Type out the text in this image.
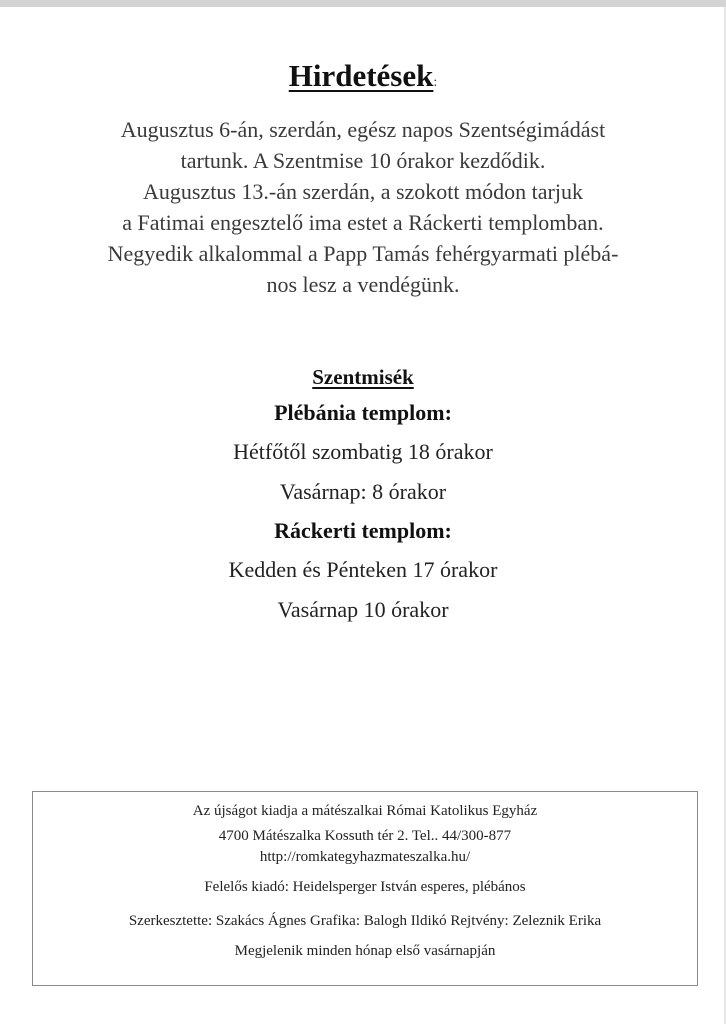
Hirdetések:
Augusztus 6-án, szerdán, egész napos Szentségimádást
tartunk. A Szentmise 10 órakor kezdődik.
Augusztus 13.-án szerdán, a szokott módon tarjuk
a Fatimai engesztelő ima estet a Ráckerti templomban.
Negyedik alkalommal a Papp Tamás fehérgyarmati plébá-
nos lesz a vendégünk.
Szentmisék
Plébánia templom:
Hétfőtől szombatig 18 órakor
Vasárnap: 8 órakor
Ráckerti templom:
Kedden és Pénteken 17 órakor
Vasárnap 10 órakor
Az újságot kiadja a mátészalkai Római Katolikus Egyház
4700 Mátészalka Kossuth tér 2. Tel.. 44/300-877
http://romkategyhazmateszalka.hu/
Felelős kiadó: Heidelsperger István esperes, plébános
Szerkesztette: Szakács Ágnes Grafika: Balogh Ildikó Rejtvény: Zeleznik Erika
Megjelenik minden hónap első vasárnapján
